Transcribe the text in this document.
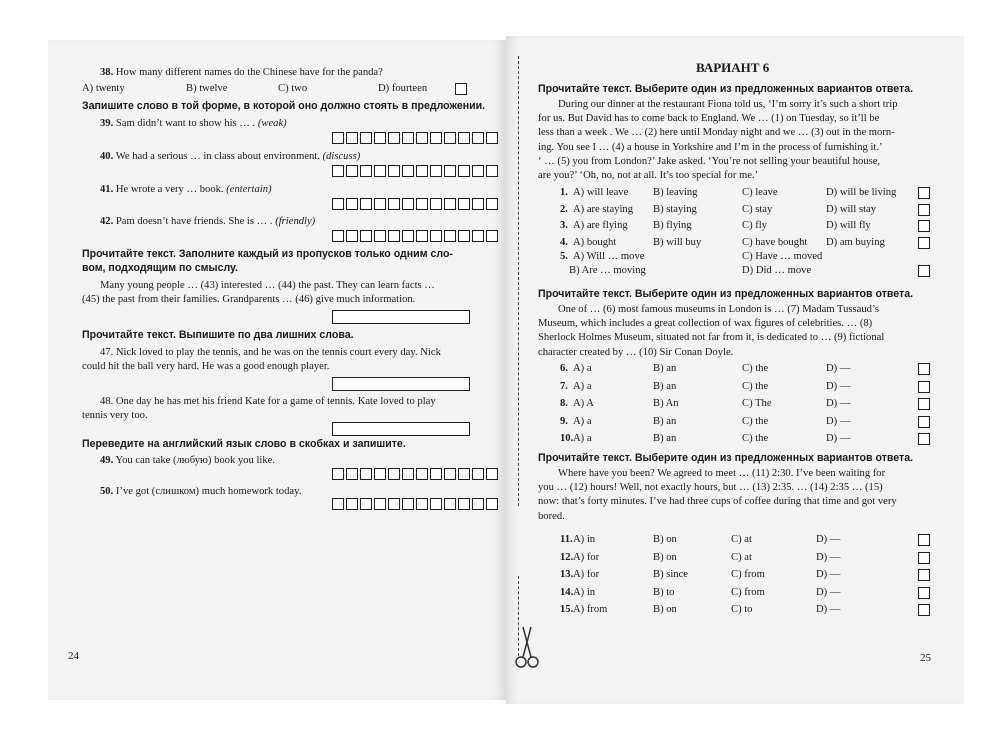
38. How many different names do the Chinese have for the panda?
A) twenty	B) twelve	C) two	D) fourteen
Запишите слово в той форме, в которой оно должно стоять в предложении.
39. Sam didn’t want to show his … . (weak)
40. We had a serious … in class about environment. (discuss)
41. He wrote a very … book. (entertain)
42. Pam doesn’t have friends. She is … . (friendly)
Прочитайте текст. Заполните каждый из пропусков только одним сло-
вом, подходящим по смыслу.
Many young people … (43) interested … (44) the past. They can learn facts …
(45) the past from their families. Grandparents … (46) give much information.
Прочитайте текст. Выпишите по два лишних слова.
47. Nick loved to play the tennis, and he was on the tennis court every day. Nick
could hit the ball very hard. He was a good enough player.
48. One day he has met his friend Kate for a game of tennis. Kate loved to play
tennis very too.
Переведите на английский язык слово в скобках и запишите.
49. You can take (любую) book you like.
50. I’ve got (слишком) much homework today.
24
ВАРИАНТ 6
Прочитайте текст. Выберите один из предложенных вариантов ответа.
During our dinner at the restaurant Fiona told us, ‘I’m sorry it’s such a short trip
for us. But David has to come back to England. We … (1) on Tuesday, so it’ll be
less than a week . We … (2) here until Monday night and we … (3) out in the morn-
ing. You see I … (4) a house in Yorkshire and I’m in the process of furnishing it.’
‘ … (5) you from London?’ Jake asked. ‘You’re not selling your beautiful house,
are you?’ ‘Oh, no, not at all. It’s too special for me.’
1. A) will leave B) leaving	C) leave	D) will be living
2. A) are staying B) staying	C) stay	D) will stay
3. A) are flying B) flying	C) fly	D) will fly
4. A) bought	B) will buy	C) have bought D) am buying
5. A) Will … move
B) Are … moving
C) Have … moved
D) Did … move
Прочитайте текст. Выберите один из предложенных вариантов ответа.
One of … (6) most famous museums in London is … (7) Madam Tussaud’s
Museum, which includes a great collection of wax figures of celebrities. … (8)
Sherlock Holmes Museum, situated not far from it, is dedicated to … (9) fictional
character created by … (10) Sir Conan Doyle.
6. A) a	B) an	C) the	D) —
7. A) a	B) an	C) the	D) —
8. A) A	B) An	C) The	D) —
9. A) a	B) an	C) the	D) —
10. A) a	B) an	C) the	D) —
Прочитайте текст. Выберите один из предложенных вариантов ответа.
Where have you been? We agreed to meet … (11) 2:30. I’ve been waiting for
you … (12) hours! Well, not exactly hours, but … (13) 2:35. … (14) 2:35 … (15)
now: that’s forty minutes. I’ve had three cups of coffee during that time and got very
bored.
11. A) in	B) on	C) at	D) —
12. A) for	B) on	C) at	D) —
13. A) for	B) since	C) from	D) —
14. A) in	B) to	C) from	D) —
15. A) from	B) on	C) to	D) —
25
